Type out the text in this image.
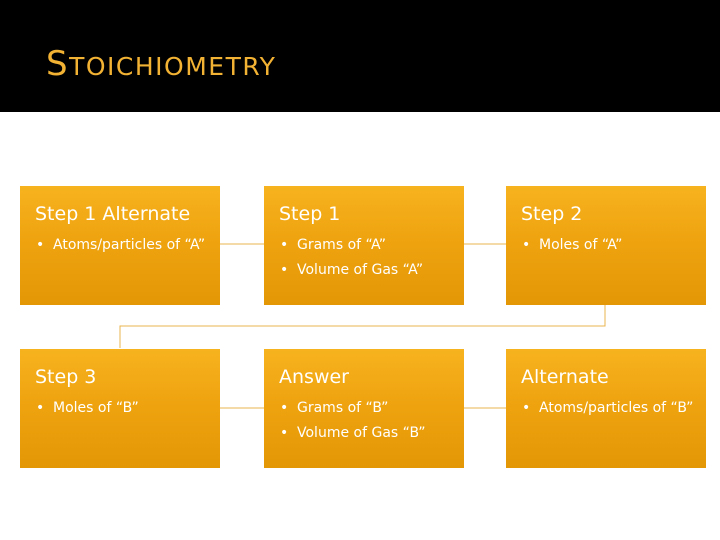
STOICHIOMETRY
Step 1 Alternate
• Atoms/particles of “A”
Step 1
• Grams of “A”
• Volume of Gas “A”
Step 2
• Moles of “A”
Step 3
• Moles of “B”
Answer
• Grams of “B”
• Volume of Gas “B”
Alternate
• Atoms/particles of “B”
